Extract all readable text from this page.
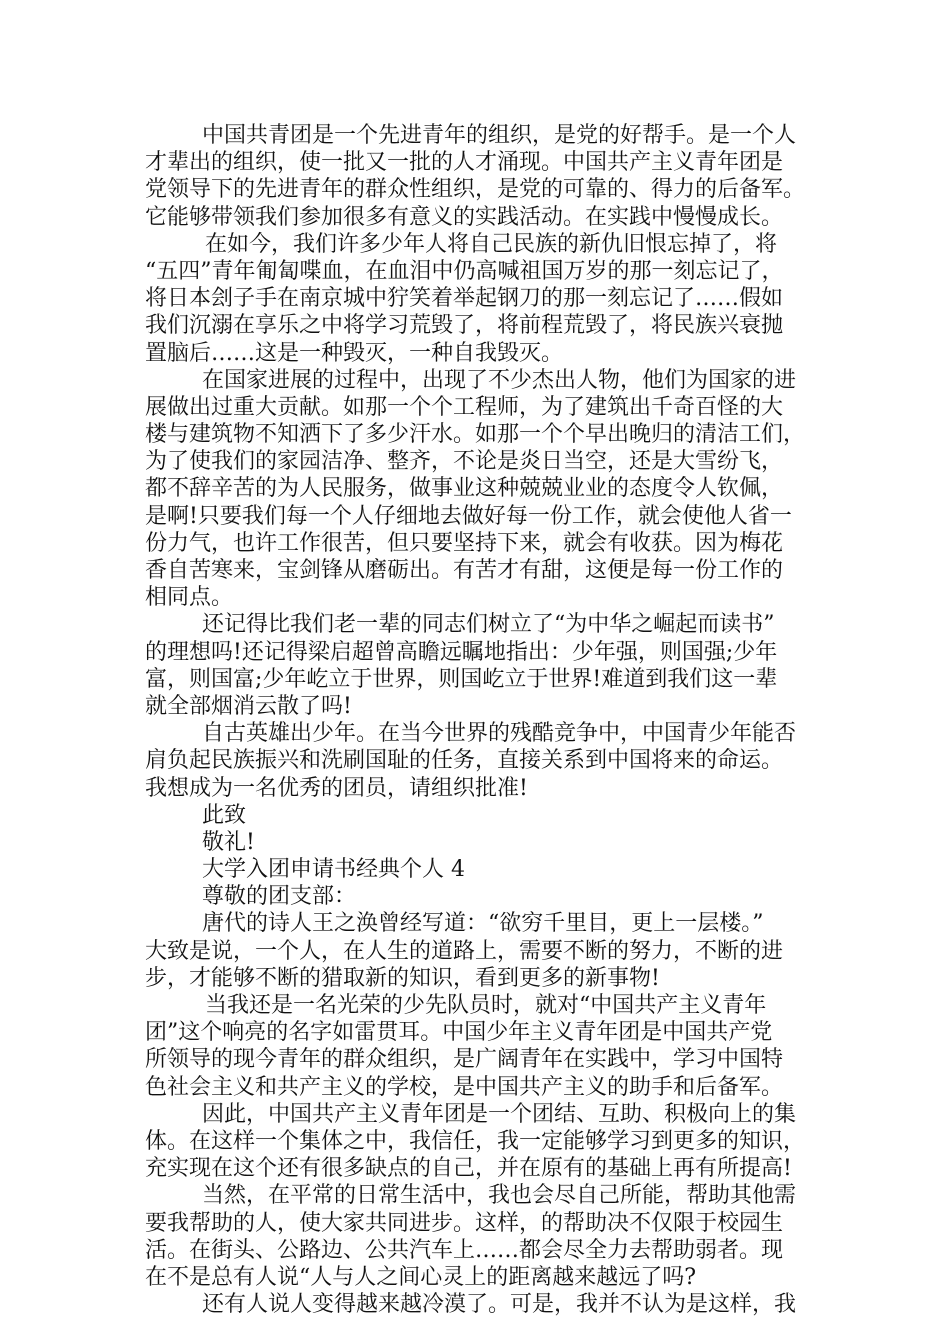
中国共青团是一个先进青年的组织，是党的好帮手。是一个人
才辈出的组织，使一批又一批的人才涌现。中国共产主义青年团是
党领导下的先进青年的群众性组织，是党的可靠的、得力的后备军。
它能够带领我们参加很多有意义的实践活动。在实践中慢慢成长。
在如今，我们许多少年人将自己民族的新仇旧恨忘掉了，将
“五四”青年匍匐喋血，在血泪中仍高喊祖国万岁的那一刻忘记了，
将日本刽子手在南京城中狞笑着举起钢刀的那一刻忘记了……假如
我们沉溺在享乐之中将学习荒毁了，将前程荒毁了，将民族兴衰抛
置脑后……这是一种毁灭，一种自我毁灭。
在国家进展的过程中，出现了不少杰出人物，他们为国家的进
展做出过重大贡献。如那一个个工程师，为了建筑出千奇百怪的大
楼与建筑物不知洒下了多少汗水。如那一个个早出晚归的清洁工们，
为了使我们的家园洁净、整齐，不论是炎日当空，还是大雪纷飞，
都不辞辛苦的为人民服务，做事业这种兢兢业业的态度令人钦佩，
是啊!只要我们每一个人仔细地去做好每一份工作，就会使他人省一
份力气，也许工作很苦，但只要坚持下来，就会有收获。因为梅花
香自苦寒来，宝剑锋从磨砺出。有苦才有甜，这便是每一份工作的
相同点。
还记得比我们老一辈的同志们树立了“为中华之崛起而读书”
的理想吗!还记得梁启超曾高瞻远瞩地指出：少年强，则国强;少年
富，则国富;少年屹立于世界，则国屹立于世界!难道到我们这一辈
就全部烟消云散了吗!
自古英雄出少年。在当今世界的残酷竞争中，中国青少年能否
肩负起民族振兴和洗刷国耻的任务，直接关系到中国将来的命运。
我想成为一名优秀的团员，请组织批准!
此致
敬礼!
大学入团申请书经典个人 4
尊敬的团支部：
唐代的诗人王之涣曾经写道：“欲穷千里目，更上一层楼。”
大致是说，一个人，在人生的道路上，需要不断的努力，不断的进
步，才能够不断的猎取新的知识，看到更多的新事物!
当我还是一名光荣的少先队员时，就对“中国共产主义青年
团”这个响亮的名字如雷贯耳。中国少年主义青年团是中国共产党
所领导的现今青年的群众组织，是广阔青年在实践中，学习中国特
色社会主义和共产主义的学校，是中国共产主义的助手和后备军。
因此，中国共产主义青年团是一个团结、互助、积极向上的集
体。在这样一个集体之中，我信任，我一定能够学习到更多的知识，
充实现在这个还有很多缺点的自己，并在原有的基础上再有所提高!
当然，在平常的日常生活中，我也会尽自己所能，帮助其他需
要我帮助的人，使大家共同进步。这样，的帮助决不仅限于校园生
活。在街头、公路边、公共汽车上……都会尽全力去帮助弱者。现
在不是总有人说“人与人之间心灵上的距离越来越远了吗?
还有人说人变得越来越冷漠了。可是，我并不认为是这样，我
